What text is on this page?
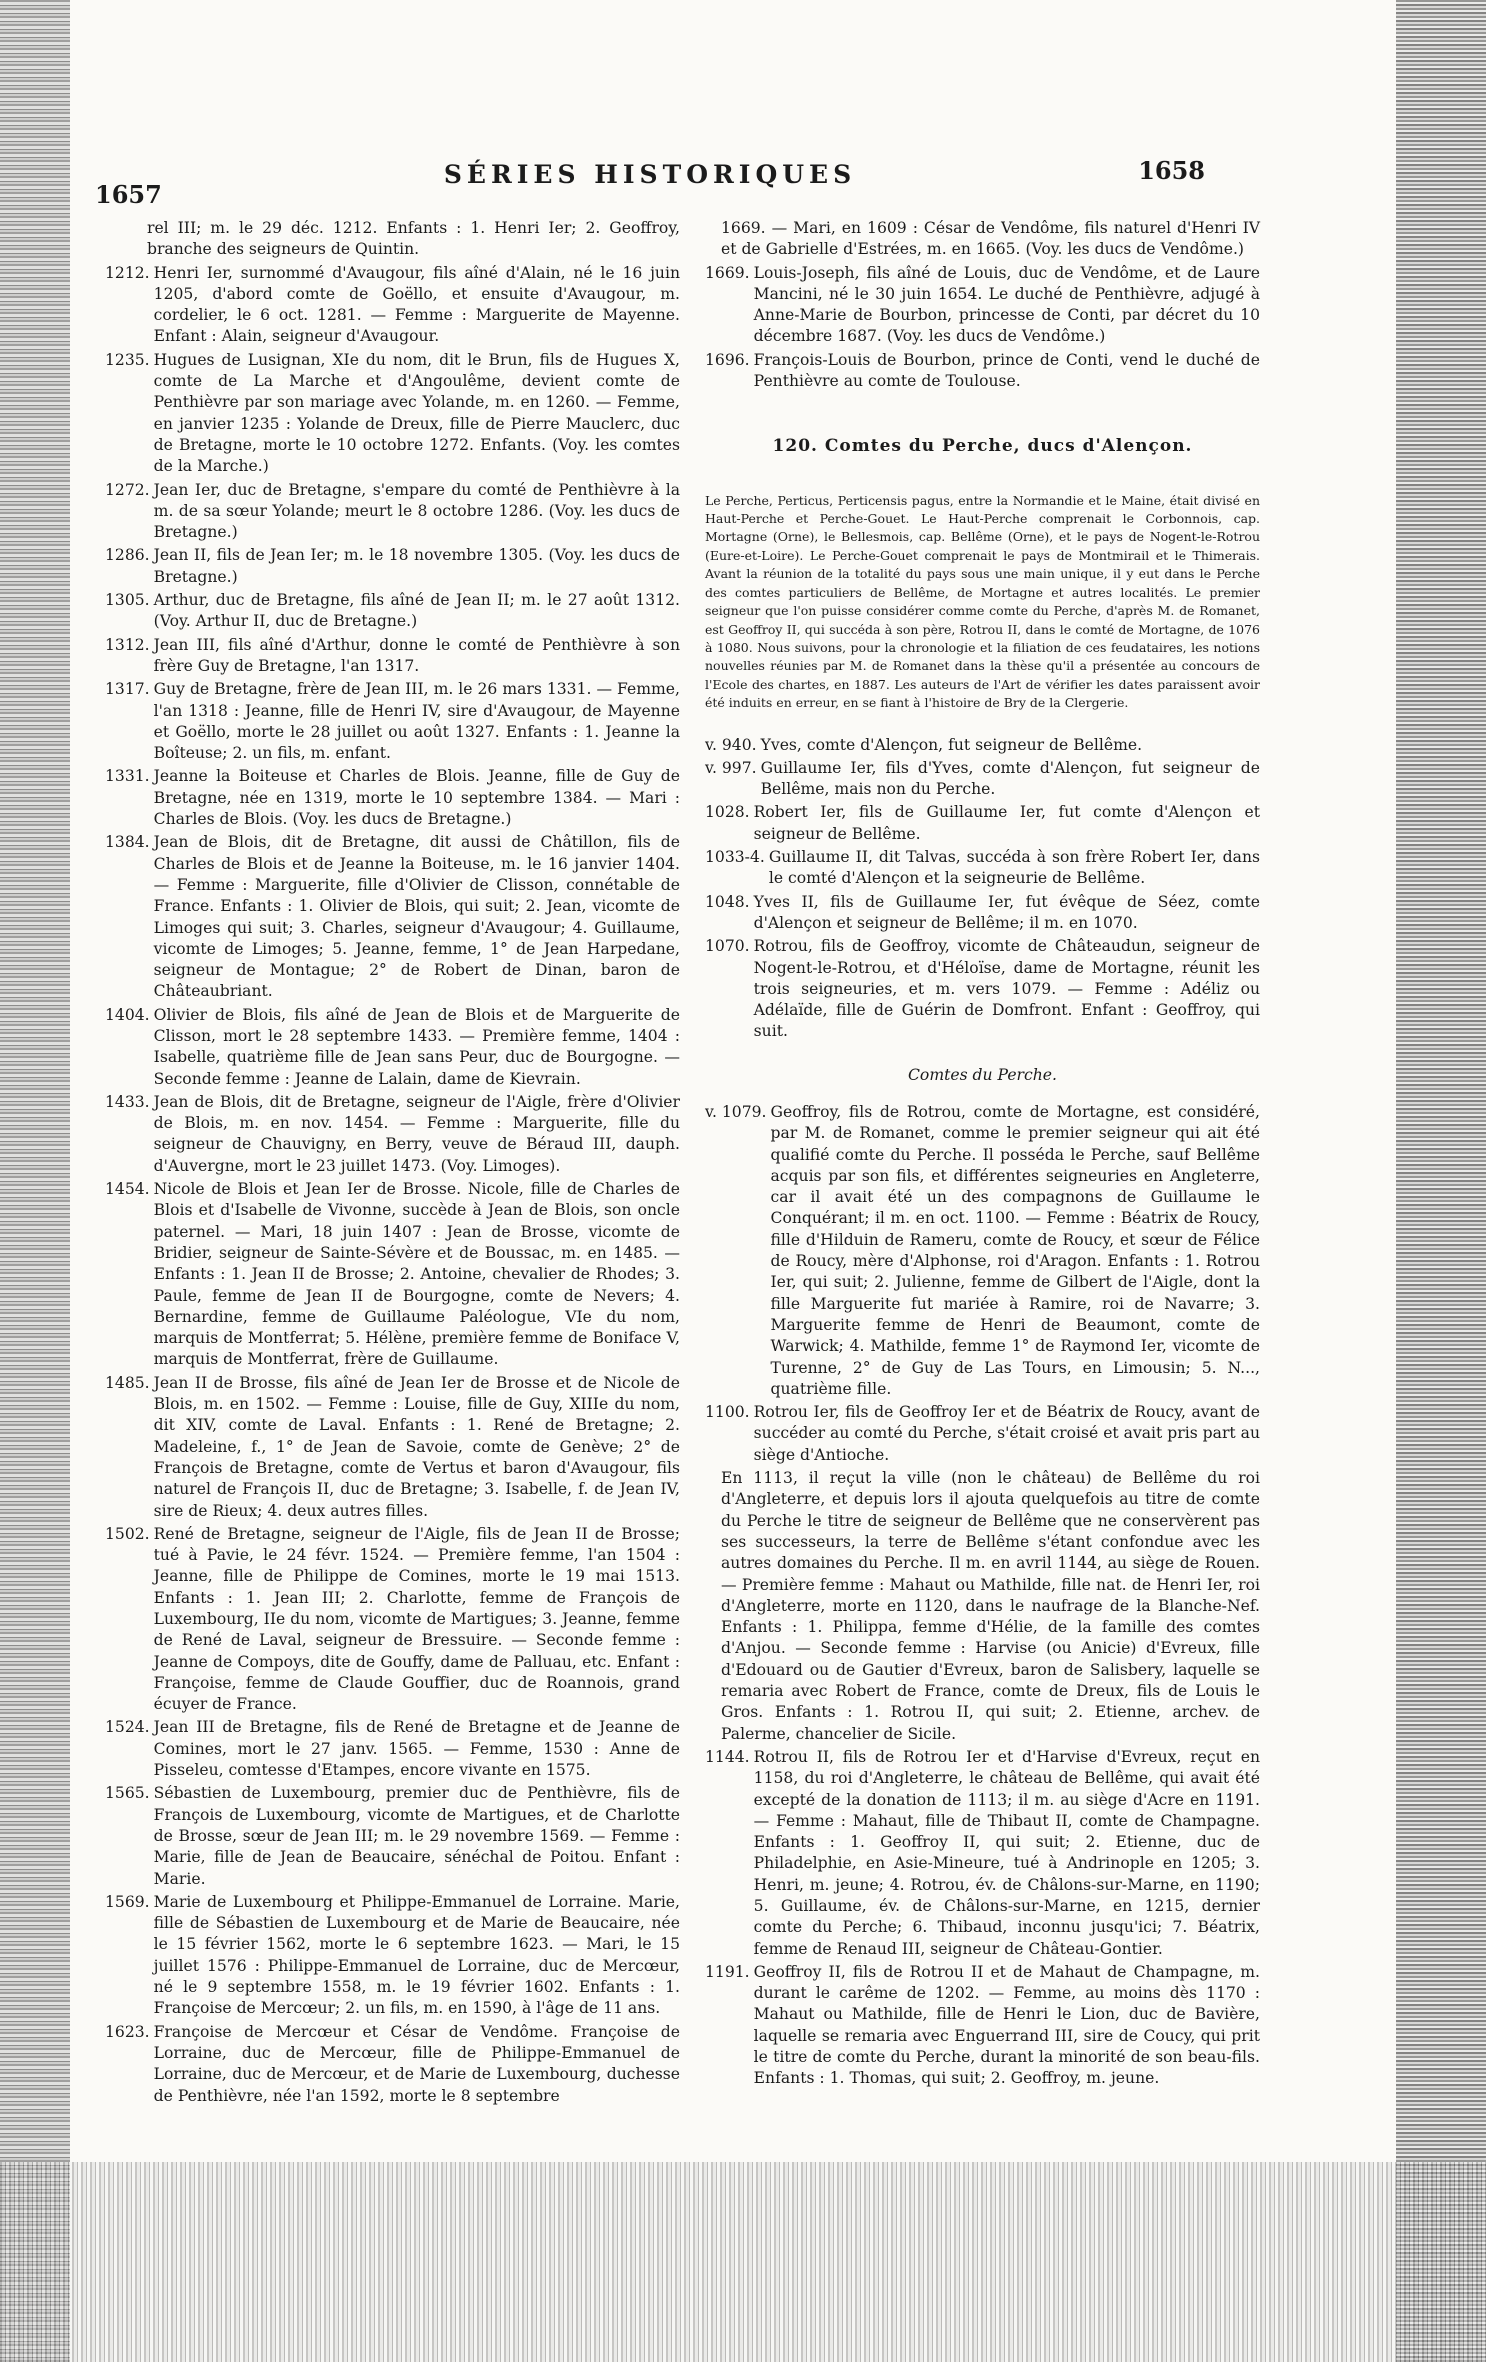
1657
SÉRIES HISTORIQUES	1658
rel III; m. le 29 déc. 1212. Enfants : 1. Henri Ier; 2. Geoffroy, branche des seigneurs de Quintin.
1212. Henri Ier, surnommé d'Avaugour, fils aîné d'Alain, né le 16 juin 1205, d'abord comte de Goëllo, et ensuite d'Avaugour, m. cordelier, le 6 oct. 1281. — Femme : Marguerite de Mayenne. Enfant : Alain, seigneur d'Avaugour.
1235. Hugues de Lusignan, XIe du nom, dit le Brun, fils de Hugues X, comte de La Marche et d'Angoulême, devient comte de Penthièvre par son mariage avec Yolande, m. en 1260. — Femme, en janvier 1235 : Yolande de Dreux, fille de Pierre Mauclerc, duc de Bretagne, morte le 10 octobre 1272. Enfants. (Voy. les comtes de la Marche.)
1272. Jean Ier, duc de Bretagne, s'empare du comté de Penthièvre à la m. de sa sœur Yolande; meurt le 8 octobre 1286. (Voy. les ducs de Bretagne.)
1286. Jean II, fils de Jean Ier; m. le 18 novembre 1305. (Voy. les ducs de Bretagne.)
1305. Arthur, duc de Bretagne, fils aîné de Jean II; m. le 27 août 1312. (Voy. Arthur II, duc de Bretagne.)
1312. Jean III, fils aîné d'Arthur, donne le comté de Penthièvre à son frère Guy de Bretagne, l'an 1317.
1317. Guy de Bretagne, frère de Jean III, m. le 26 mars 1331. — Femme, l'an 1318 : Jeanne, fille de Henri IV, sire d'Avaugour, de Mayenne et Goëllo, morte le 28 juillet ou août 1327. Enfants : 1. Jeanne la Boîteuse; 2. un fils, m. enfant.
1331. Jeanne la Boiteuse et Charles de Blois. Jeanne, fille de Guy de Bretagne, née en 1319, morte le 10 septembre 1384. — Mari : Charles de Blois. (Voy. les ducs de Bretagne.)
1384. Jean de Blois, dit de Bretagne, dit aussi de Châtillon, fils de Charles de Blois et de Jeanne la Boiteuse, m. le 16 janvier 1404. — Femme : Marguerite, fille d'Olivier de Clisson, connétable de France. Enfants : 1. Olivier de Blois, qui suit; 2. Jean, vicomte de Limoges qui suit; 3. Charles, seigneur d'Avaugour; 4. Guillaume, vicomte de Limoges; 5. Jeanne, femme, 1° de Jean Harpedane, seigneur de Montague; 2° de Robert de Dinan, baron de Châteaubriant.
1404. Olivier de Blois, fils aîné de Jean de Blois et de Marguerite de Clisson, mort le 28 septembre 1433. — Première femme, 1404 : Isabelle, quatrième fille de Jean sans Peur, duc de Bourgogne. — Seconde femme : Jeanne de Lalain, dame de Kievrain.
1433. Jean de Blois, dit de Bretagne, seigneur de l'Aigle, frère d'Olivier de Blois, m. en nov. 1454. — Femme : Marguerite, fille du seigneur de Chauvigny, en Berry, veuve de Béraud III, dauph. d'Auvergne, mort le 23 juillet 1473. (Voy. Limoges).
1454. Nicole de Blois et Jean Ier de Brosse. Nicole, fille de Charles de Blois et d'Isabelle de Vivonne, succède à Jean de Blois, son oncle paternel. — Mari, 18 juin 1407 : Jean de Brosse, vicomte de Bridier, seigneur de Sainte-Sévère et de Boussac, m. en 1485. — Enfants : 1. Jean II de Brosse; 2. Antoine, chevalier de Rhodes; 3. Paule, femme de Jean II de Bourgogne, comte de Nevers; 4. Bernardine, femme de Guillaume Paléologue, VIe du nom, marquis de Montferrat; 5. Hélène, première femme de Boniface V, marquis de Montferrat, frère de Guillaume.
1485. Jean II de Brosse, fils aîné de Jean Ier de Brosse et de Nicole de Blois, m. en 1502. — Femme : Louise, fille de Guy, XIIIe du nom, dit XIV, comte de Laval. Enfants : 1. René de Bretagne; 2. Madeleine, f., 1° de Jean de Savoie, comte de Genève; 2° de François de Bretagne, comte de Vertus et baron d'Avaugour, fils naturel de François II, duc de Bretagne; 3. Isabelle, f. de Jean IV, sire de Rieux; 4. deux autres filles.
1502. René de Bretagne, seigneur de l'Aigle, fils de Jean II de Brosse; tué à Pavie, le 24 févr. 1524. — Première femme, l'an 1504 : Jeanne, fille de Philippe de Comines, morte le 19 mai 1513. Enfants : 1. Jean III; 2. Charlotte, femme de François de Luxembourg, IIe du nom, vicomte de Martigues; 3. Jeanne, femme de René de Laval, seigneur de Bressuire. — Seconde femme : Jeanne de Compoys, dite de Gouffy, dame de Palluau, etc. Enfant : Françoise, femme de Claude Gouffier, duc de Roannois, grand écuyer de France.
1524. Jean III de Bretagne, fils de René de Bretagne et de Jeanne de Comines, mort le 27 janv. 1565. — Femme, 1530 : Anne de Pisseleu, comtesse d'Etampes, encore vivante en 1575.
1565. Sébastien de Luxembourg, premier duc de Penthièvre, fils de François de Luxembourg, vicomte de Martigues, et de Charlotte de Brosse, sœur de Jean III; m. le 29 novembre 1569. — Femme : Marie, fille de Jean de Beaucaire, sénéchal de Poitou. Enfant : Marie.
1569. Marie de Luxembourg et Philippe-Emmanuel de Lorraine. Marie, fille de Sébastien de Luxembourg et de Marie de Beaucaire, née le 15 février 1562, morte le 6 septembre 1623. — Mari, le 15 juillet 1576 : Philippe-Emmanuel de Lorraine, duc de Mercœur, né le 9 septembre 1558, m. le 19 février 1602. Enfants : 1. Françoise de Mercœur; 2. un fils, m. en 1590, à l'âge de 11 ans.
1623. Françoise de Mercœur et César de Vendôme. Françoise de Lorraine, duc de Mercœur, fille de Philippe-Emmanuel de Lorraine, duc de Mercœur, et de Marie de Luxembourg, duchesse de Penthièvre, née l'an 1592, morte le 8 septembre
1669. — Mari, en 1609 : César de Vendôme, fils naturel d'Henri IV et de Gabrielle d'Estrées, m. en 1665. (Voy. les ducs de Vendôme.)
1669. Louis-Joseph, fils aîné de Louis, duc de Vendôme, et de Laure Mancini, né le 30 juin 1654. Le duché de Penthièvre, adjugé à Anne-Marie de Bourbon, princesse de Conti, par décret du 10 décembre 1687. (Voy. les ducs de Vendôme.)
1696. François-Louis de Bourbon, prince de Conti, vend le duché de Penthièvre au comte de Toulouse.
120. Comtes du Perche, ducs d'Alençon.
Le Perche, Perticus, Perticensis pagus, entre la Normandie et le Maine, était divisé en Haut-Perche et Perche-Gouet. Le Haut-Perche comprenait le Corbonnois, cap. Mortagne (Orne), le Bellesmois, cap. Bellême (Orne), et le pays de Nogent-le-Rotrou (Eure-et-Loire). Le Perche-Gouet comprenait le pays de Montmirail et le Thimerais. Avant la réunion de la totalité du pays sous une main unique, il y eut dans le Perche des comtes particuliers de Bellême, de Mortagne et autres localités. Le premier seigneur que l'on puisse considérer comme comte du Perche, d'après M. de Romanet, est Geoffroy II, qui succéda à son père, Rotrou II, dans le comté de Mortagne, de 1076 à 1080. Nous suivons, pour la chronologie et la filiation de ces feudataires, les notions nouvelles réunies par M. de Romanet dans la thèse qu'il a présentée au concours de l'Ecole des chartes, en 1887. Les auteurs de l'Art de vérifier les dates paraissent avoir été induits en erreur, en se fiant à l'histoire de Bry de la Clergerie.
v. 940. Yves, comte d'Alençon, fut seigneur de Bellême.
v. 997. Guillaume Ier, fils d'Yves, comte d'Alençon, fut seigneur de Bellême, mais non du Perche.
1028. Robert Ier, fils de Guillaume Ier, fut comte d'Alençon et seigneur de Bellême.
1033-4. Guillaume II, dit Talvas, succéda à son frère Robert Ier, dans le comté d'Alençon et la seigneurie de Bellême.
1048. Yves II, fils de Guillaume Ier, fut évêque de Séez, comte d'Alençon et seigneur de Bellême; il m. en 1070.
1070. Rotrou, fils de Geoffroy, vicomte de Châteaudun, seigneur de Nogent-le-Rotrou, et d'Héloïse, dame de Mortagne, réunit les trois seigneuries, et m. vers 1079. — Femme : Adéliz ou Adélaïde, fille de Guérin de Domfront. Enfant : Geoffroy, qui suit.
Comtes du Perche.
v. 1079. Geoffroy, fils de Rotrou, comte de Mortagne, est considéré, par M. de Romanet, comme le premier seigneur qui ait été qualifié comte du Perche. Il posséda le Perche, sauf Bellême acquis par son fils, et différentes seigneuries en Angleterre, car il avait été un des compagnons de Guillaume le Conquérant; il m. en oct. 1100. — Femme : Béatrix de Roucy, fille d'Hilduin de Rameru, comte de Roucy, et sœur de Félice de Roucy, mère d'Alphonse, roi d'Aragon. Enfants : 1. Rotrou Ier, qui suit; 2. Julienne, femme de Gilbert de l'Aigle, dont la fille Marguerite fut mariée à Ramire, roi de Navarre; 3. Marguerite femme de Henri de Beaumont, comte de Warwick; 4. Mathilde, femme 1° de Raymond Ier, vicomte de Turenne, 2° de Guy de Las Tours, en Limousin; 5. N..., quatrième fille.
1100. Rotrou Ier, fils de Geoffroy Ier et de Béatrix de Roucy, avant de succéder au comté du Perche, s'était croisé et avait pris part au siège d'Antioche.
En 1113, il reçut la ville (non le château) de Bellême du roi d'Angleterre, et depuis lors il ajouta quelquefois au titre de comte du Perche le titre de seigneur de Bellême que ne conservèrent pas ses successeurs, la terre de Bellême s'étant confondue avec les autres domaines du Perche. Il m. en avril 1144, au siège de Rouen. — Première femme : Mahaut ou Mathilde, fille nat. de Henri Ier, roi d'Angleterre, morte en 1120, dans le naufrage de la Blanche-Nef. Enfants : 1. Philippa, femme d'Hélie, de la famille des comtes d'Anjou. — Seconde femme : Harvise (ou Anicie) d'Evreux, fille d'Edouard ou de Gautier d'Evreux, baron de Salisbery, laquelle se remaria avec Robert de France, comte de Dreux, fils de Louis le Gros. Enfants : 1. Rotrou II, qui suit; 2. Etienne, archev. de Palerme, chancelier de Sicile.
1144. Rotrou II, fils de Rotrou Ier et d'Harvise d'Evreux, reçut en 1158, du roi d'Angleterre, le château de Bellême, qui avait été excepté de la donation de 1113; il m. au siège d'Acre en 1191. — Femme : Mahaut, fille de Thibaut II, comte de Champagne. Enfants : 1. Geoffroy II, qui suit; 2. Etienne, duc de Philadelphie, en Asie-Mineure, tué à Andrinople en 1205; 3. Henri, m. jeune; 4. Rotrou, év. de Châlons-sur-Marne, en 1190; 5. Guillaume, év. de Châlons-sur-Marne, en 1215, dernier comte du Perche; 6. Thibaud, inconnu jusqu'ici; 7. Béatrix, femme de Renaud III, seigneur de Château-Gontier.
1191. Geoffroy II, fils de Rotrou II et de Mahaut de Champagne, m. durant le carême de 1202. — Femme, au moins dès 1170 : Mahaut ou Mathilde, fille de Henri le Lion, duc de Bavière, laquelle se remaria avec Enguerrand III, sire de Coucy, qui prit le titre de comte du Perche, durant la minorité de son beau-fils. Enfants : 1. Thomas, qui suit; 2. Geoffroy, m. jeune.
